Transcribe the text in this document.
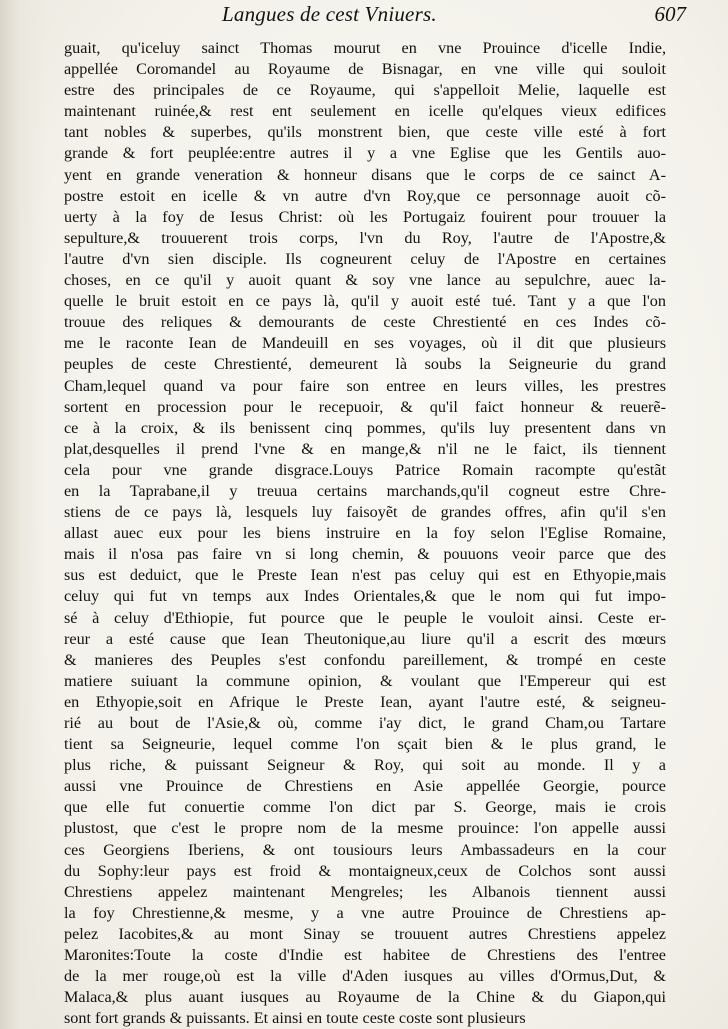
Langues de cest Vniuers.	607
guait, qu'iceluy sainct Thomas mourut en vne Prouince d'icelle Indie,
appellée Coromandel au Royaume de Bisnagar, en vne ville qui souloit
estre des principales de ce Royaume, qui s'appelloit Melie, laquelle est
maintenant ruinée,& rest ent seulement en icelle qu'elques vieux edifices
tant nobles & superbes, qu'ils monstrent bien, que ceste ville esté à fort
grande & fort peuplée:entre autres il y a vne Eglise que les Gentils auo-
yent en grande veneration & honneur disans que le corps de ce sainct A-
postre estoit en icelle & vn autre d'vn Roy,que ce personnage auoit cõ-
uerty à la foy de Iesus Christ: où les Portugaiz fouirent pour trouuer la
sepulture,& trouuerent trois corps, l'vn du Roy, l'autre de l'Apostre,&
l'autre d'vn sien disciple. Ils cogneurent celuy de l'Apostre en certaines
choses, en ce qu'il y auoit quant & soy vne lance au sepulchre, auec la-
quelle le bruit estoit en ce pays là, qu'il y auoit esté tué. Tant y a que l'on
trouue des reliques & demourants de ceste Chrestienté en ces Indes cõ-
me le raconte Iean de Mandeuill en ses voyages, où il dit que plusieurs
peuples de ceste Chrestienté, demeurent là soubs la Seigneurie du grand
Cham,lequel quand va pour faire son entree en leurs villes, les prestres
sortent en procession pour le recepuoir, & qu'il faict honneur & reuerẽ-
ce à la croix, & ils benissent cinq pommes, qu'ils luy presentent dans vn
plat,desquelles il prend l'vne & en mange,& n'il ne le faict, ils tiennent
cela pour vne grande disgrace.Louys Patrice Romain racompte qu'estãt
en la Taprabane,il y treuua certains marchands,qu'il cogneut estre Chre-
stiens de ce pays là, lesquels luy faisoyẽt de grandes offres, afin qu'il s'en
allast auec eux pour les biens instruire en la foy selon l'Eglise Romaine,
mais il n'osa pas faire vn si long chemin, & pouuons veoir parce que des
sus est deduict, que le Preste Iean n'est pas celuy qui est en Ethyopie,mais
celuy qui fut vn temps aux Indes Orientales,& que le nom qui fut impo-
sé à celuy d'Ethiopie, fut pource que le peuple le vouloit ainsi. Ceste er-
reur a esté cause que Iean Theutonique,au liure qu'il a escrit des mœurs
& manieres des Peuples s'est confondu pareillement, & trompé en ceste
matiere suiuant la commune opinion, & voulant que l'Empereur qui est
en Ethyopie,soit en Afrique le Preste Iean, ayant l'autre esté, & seigneu-
rié au bout de l'Asie,& où, comme i'ay dict, le grand Cham,ou Tartare
tient sa Seigneurie, lequel comme l'on sçait bien & le plus grand, le
plus riche, & puissant Seigneur & Roy, qui soit au monde. Il y a
aussi vne Prouince de Chrestiens en Asie appellée Georgie, pource
que elle fut conuertie comme l'on dict par S. George, mais ie crois
plustost, que c'est le propre nom de la mesme prouince: l'on appelle aussi
ces Georgiens Iberiens, & ont tousiours leurs Ambassadeurs en la cour
du Sophy:leur pays est froid & montaigneux,ceux de Colchos sont aussi
Chrestiens appelez maintenant Mengreles; les Albanois tiennent aussi
la foy Chrestienne,& mesme, y a vne autre Prouince de Chrestiens ap-
pelez Iacobites,& au mont Sinay se trouuent autres Chrestiens appelez
Maronites:Toute la coste d'Indie est habitee de Chrestiens des l'entree
de la mer rouge,où est la ville d'Aden iusques au villes d'Ormus,Dut, &
Malaca,& plus auant iusques au Royaume de la Chine & du Giapon,qui
sont fort grands & puissants. Et ainsi en toute ceste coste sont plusieurs
